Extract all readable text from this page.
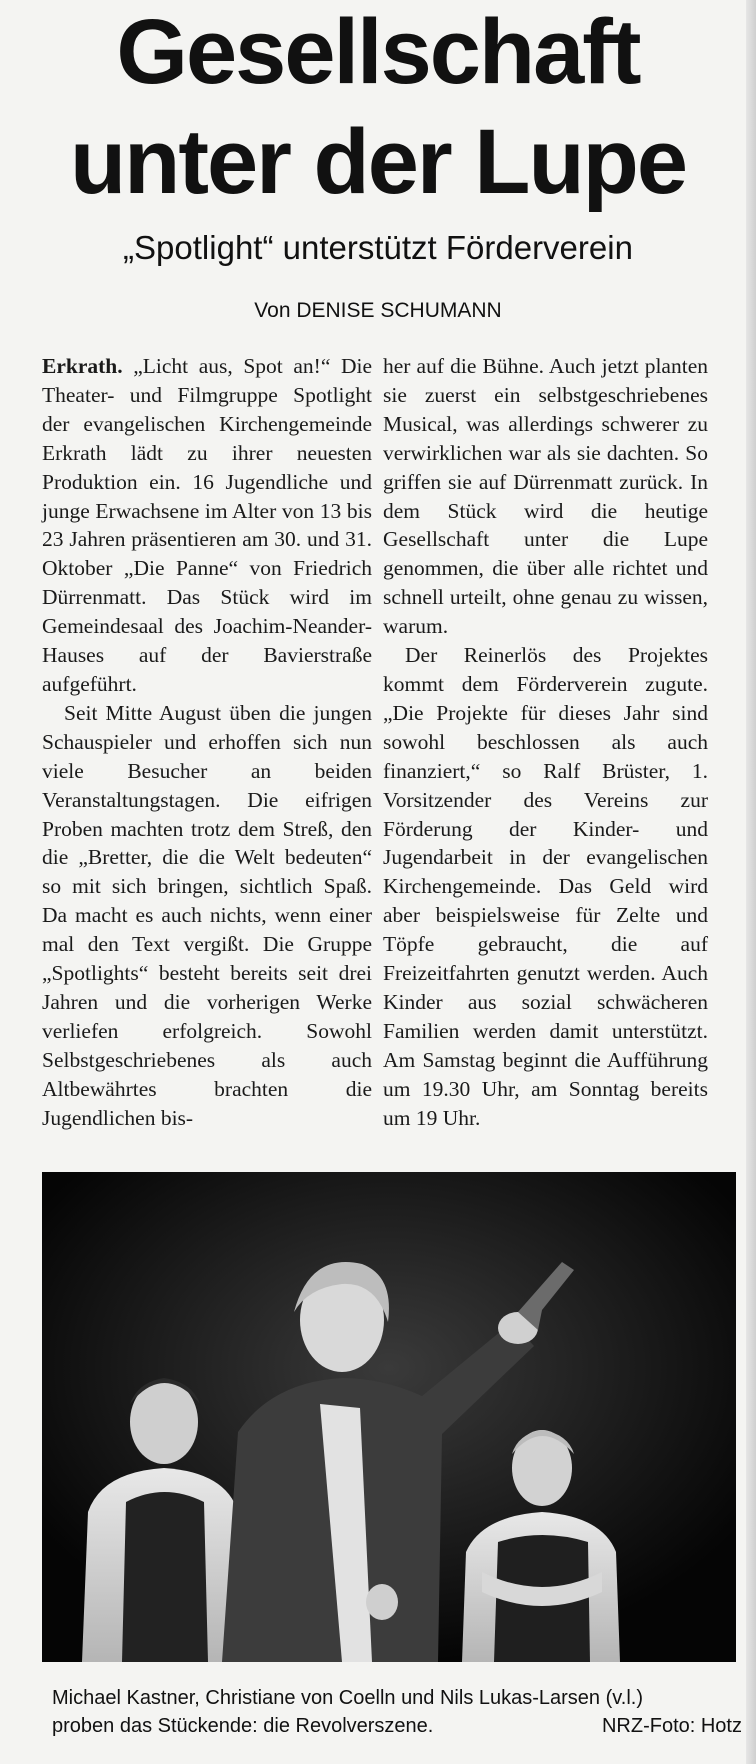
Gesellschaft
unter der Lupe
„Spotlight“ unterstützt Förderverein
Von DENISE SCHUMANN

Erkrath. „Licht aus, Spot an!“ Die Theater- und Filmgruppe Spotlight der evangelischen Kirchengemeinde Erkrath lädt zu ihrer neuesten Produktion ein. 16 Jugendliche und junge Erwachsene im Alter von 13 bis 23 Jahren präsentieren am 30. und 31. Oktober „Die Panne“ von Friedrich Dürrenmatt. Das Stück wird im Gemeindesaal des Joachim-Neander-Hauses auf der Bavierstraße aufgeführt.

Seit Mitte August üben die jungen Schauspieler und erhoffen sich nun viele Besucher an beiden Veranstaltungstagen. Die eifrigen Proben machten trotz dem Streß, den die „Bretter, die die Welt bedeuten“ so mit sich bringen, sichtlich Spaß. Da macht es auch nichts, wenn einer mal den Text vergißt. Die Gruppe „Spotlights“ besteht bereits seit drei Jahren und die vorherigen Werke verliefen erfolgreich. Sowohl Selbstgeschriebenes als auch Altbewährtes brachten die Jugendlichen bis-

her auf die Bühne. Auch jetzt planten sie zuerst ein selbstgeschriebenes Musical, was allerdings schwerer zu verwirklichen war als sie dachten. So griffen sie auf Dürrenmatt zurück. In dem Stück wird die heutige Gesellschaft unter die Lupe genommen, die über alle richtet und schnell urteilt, ohne genau zu wissen, warum.

Der Reinerlös des Projektes kommt dem Förderverein zugute. „Die Projekte für dieses Jahr sind sowohl beschlossen als auch finanziert,“ so Ralf Brüster, 1. Vorsitzender des Vereins zur Förderung der Kinder- und Jugendarbeit in der evangelischen Kirchengemeinde. Das Geld wird aber beispielsweise für Zelte und Töpfe gebraucht, die auf Freizeitfahrten genutzt werden. Auch Kinder aus sozial schwächeren Familien werden damit unterstützt. Am Samstag beginnt die Aufführung um 19.30 Uhr, am Sonntag bereits um 19 Uhr.

Michael Kastner, Christiane von Coelln und Nils Lukas-Larsen (v.l.)
proben das Stückende: die Revolverszene.	NRZ-Foto: Hotz
